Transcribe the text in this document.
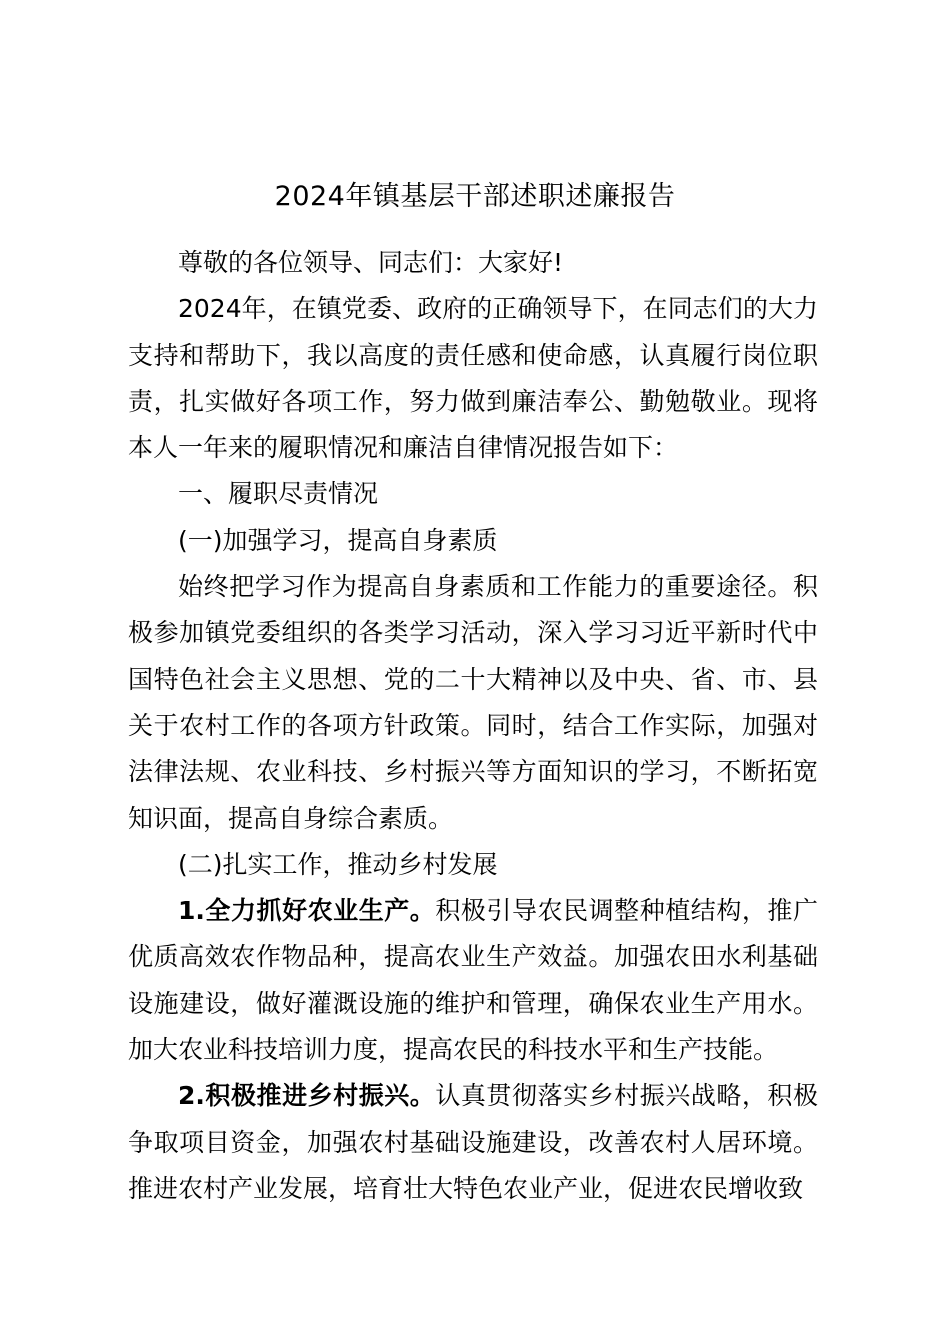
2024年镇基层干部述职述廉报告

尊敬的各位领导、同志们：大家好!

2024年，在镇党委、政府的正确领导下，在同志们的大力支持和帮助下，我以高度的责任感和使命感，认真履行岗位职责，扎实做好各项工作，努力做到廉洁奉公、勤勉敬业。现将本人一年来的履职情况和廉洁自律情况报告如下：

一、履职尽责情况

(一)加强学习，提高自身素质

始终把学习作为提高自身素质和工作能力的重要途径。积极参加镇党委组织的各类学习活动，深入学习习近平新时代中国特色社会主义思想、党的二十大精神以及中央、省、市、县关于农村工作的各项方针政策。同时，结合工作实际，加强对法律法规、农业科技、乡村振兴等方面知识的学习，不断拓宽知识面，提高自身综合素质。

(二)扎实工作，推动乡村发展

1.全力抓好农业生产。积极引导农民调整种植结构，推广优质高效农作物品种，提高农业生产效益。加强农田水利基础设施建设，做好灌溉设施的维护和管理，确保农业生产用水。加大农业科技培训力度，提高农民的科技水平和生产技能。

2.积极推进乡村振兴。认真贯彻落实乡村振兴战略，积极争取项目资金，加强农村基础设施建设，改善农村人居环境。推进农村产业发展，培育壮大特色农业产业，促进农民增收致
